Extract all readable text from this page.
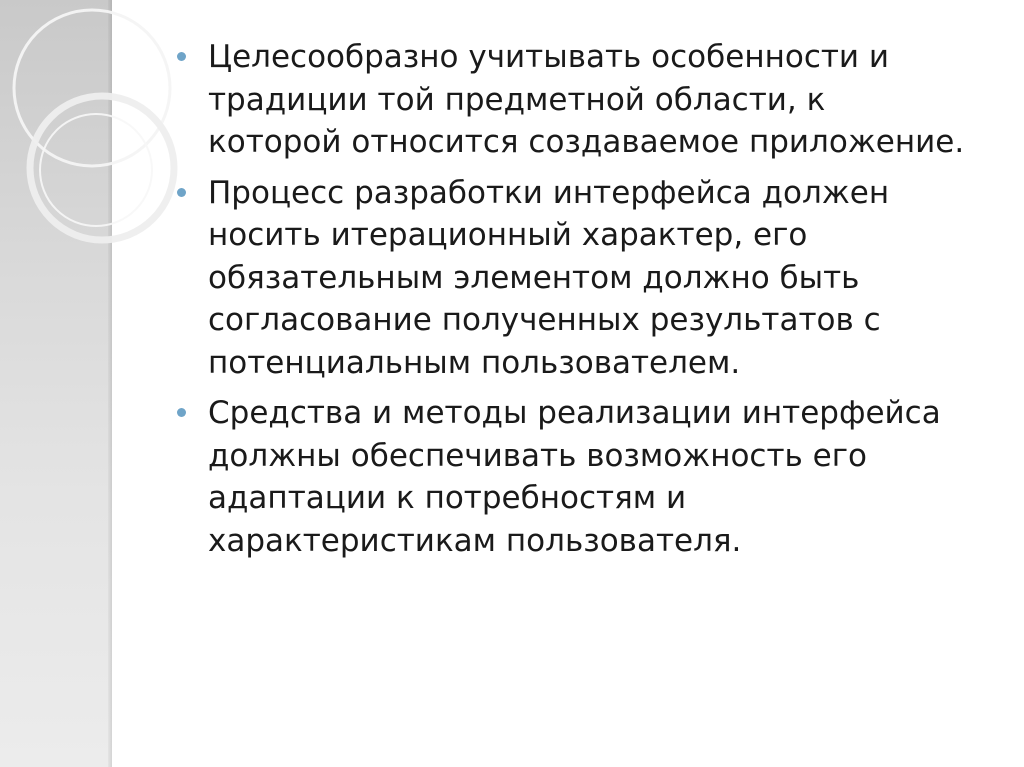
Целесообразно учитывать особенности и традиции той предметной области, к которой относится создаваемое приложение.
Процесс разработки интерфейса должен носить итерационный характер, его обязательным элементом должно быть согласование полученных результатов с потенциальным пользователем.
Средства и методы реализации интерфейса должны обеспечивать возможность его адаптации к потребностям и характеристикам пользователя.
